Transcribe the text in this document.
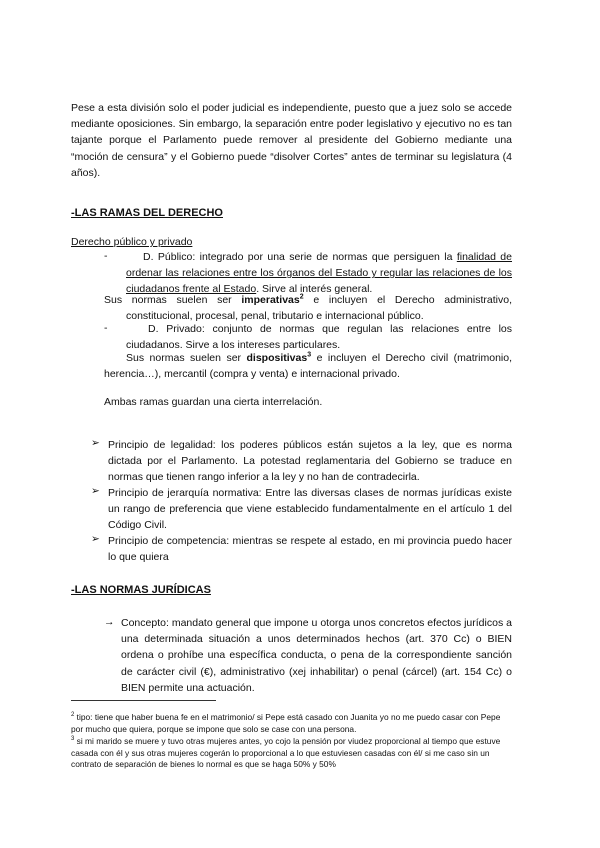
Pese a esta división solo el poder judicial es independiente, puesto que a juez solo se accede mediante oposiciones. Sin embargo, la separación entre poder legislativo y ejecutivo no es tan tajante porque el Parlamento puede remover al presidente del Gobierno mediante una “moción de censura” y el Gobierno puede “disolver Cortes” antes de terminar su legislatura (4 años).

-LAS RAMAS DEL DERECHO
Derecho público y privado
-	D. Público: integrado por una serie de normas que persiguen la finalidad de ordenar las relaciones entre los órganos del Estado y regular las relaciones de los ciudadanos frente al Estado. Sirve al interés general.

Sus normas suelen ser imperativas$^2$ e incluyen el Derecho administrativo, constitucional, procesal, penal, tributario e internacional público.

-	D. Privado: conjunto de normas que regulan las relaciones entre los ciudadanos. Sirve a los intereses particulares.

Sus normas suelen ser dispositivas$^3$ e incluyen el Derecho civil (matrimonio, herencia…), mercantil (compra y venta) e internacional privado.

Ambas ramas guardan una cierta interrelación.

➢ Principio de legalidad: los poderes públicos están sujetos a la ley, que es norma dictada por el Parlamento. La potestad reglamentaria del Gobierno se traduce en normas que tienen rango inferior a la ley y no han de contradecirla.

➢ Principio de jerarquía normativa: Entre las diversas clases de normas jurídicas existe un rango de preferencia que viene establecido fundamentalmente en el artículo 1 del Código Civil.

➢ Principio de competencia: mientras se respete al estado, en mi provincia puedo hacer lo que quiera

-LAS NORMAS JURÍDICAS
→ Concepto: mandato general que impone u otorga unos concretos efectos jurídicos a una determinada situación a unos determinados hechos (art. 370 Cc) o BIEN ordena o prohíbe una específica conducta, o pena de la correspondiente sanción de carácter civil (€), administrativo (xej inhabilitar) o penal (cárcel) (art. 154 Cc) o BIEN permite una actuación.

$^2$ tipo: tiene que haber buena fe en el matrimonio/ si Pepe está casado con Juanita yo no me puedo casar con Pepe por mucho que quiera, porque se impone que solo se case con una persona.

$^3$ si mi marido se muere y tuvo otras mujeres antes, yo cojo la pensión por viudez proporcional al tiempo que estuve casada con él y sus otras mujeres cogerán lo proporcional a lo que estuviesen casadas con él/ si me caso sin un contrato de separación de bienes lo normal es que se haga 50% y 50%
